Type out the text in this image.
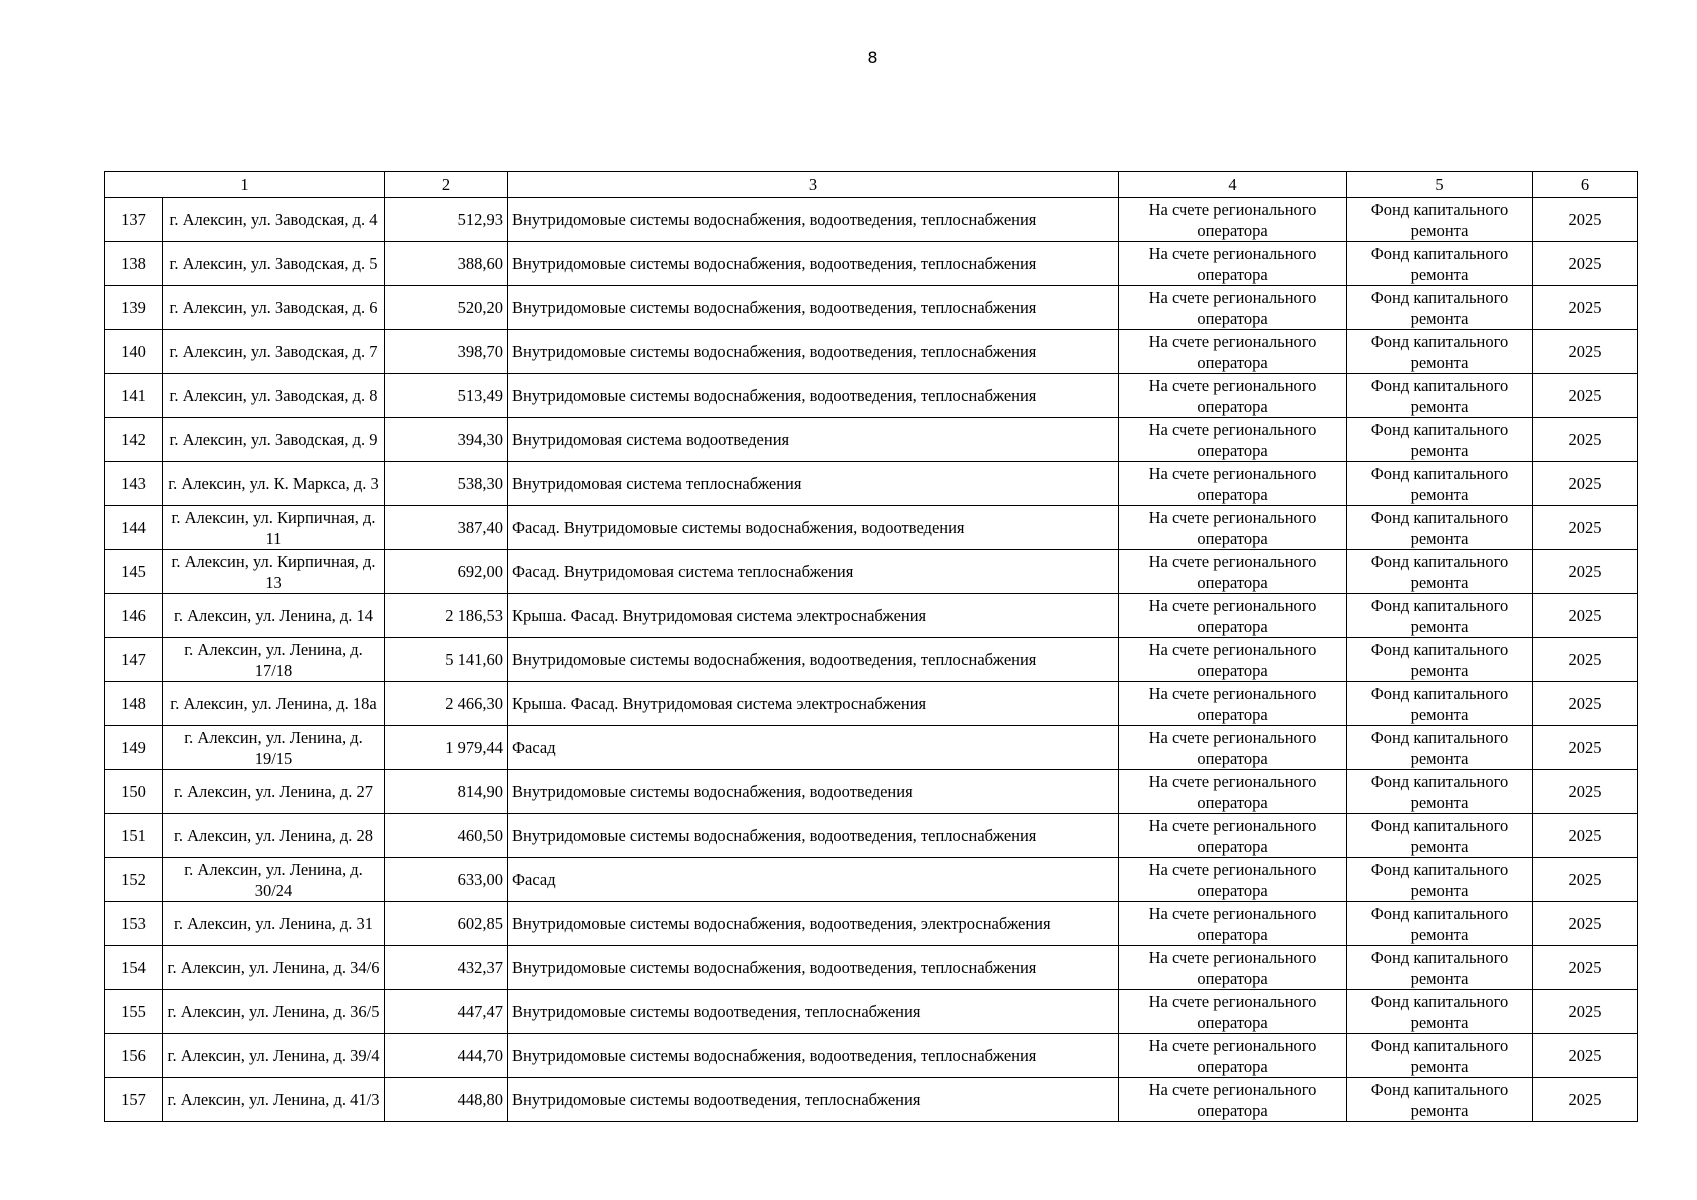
8
1		2	3	4	5	6
137	г. Алексин, ул. Заводская, д. 4	512,93	Внутридомовые системы водоснабжения, водоотведения, теплоснабжения	На счете регионального оператора	Фонд капитального ремонта	2025
138	г. Алексин, ул. Заводская, д. 5	388,60	Внутридомовые системы водоснабжения, водоотведения, теплоснабжения	На счете регионального оператора	Фонд капитального ремонта	2025
139	г. Алексин, ул. Заводская, д. 6	520,20	Внутридомовые системы водоснабжения, водоотведения, теплоснабжения	На счете регионального оператора	Фонд капитального ремонта	2025
140	г. Алексин, ул. Заводская, д. 7	398,70	Внутридомовые системы водоснабжения, водоотведения, теплоснабжения	На счете регионального оператора	Фонд капитального ремонта	2025
141	г. Алексин, ул. Заводская, д. 8	513,49	Внутридомовые системы водоснабжения, водоотведения, теплоснабжения	На счете регионального оператора	Фонд капитального ремонта	2025
142	г. Алексин, ул. Заводская, д. 9	394,30	Внутридомовая система водоотведения	На счете регионального оператора	Фонд капитального ремонта	2025
143	г. Алексин, ул. К. Маркса, д. 3	538,30	Внутридомовая система теплоснабжения	На счете регионального оператора	Фонд капитального ремонта	2025
144	г. Алексин, ул. Кирпичная, д. 11	387,40	Фасад. Внутридомовые системы водоснабжения, водоотведения	На счете регионального оператора	Фонд капитального ремонта	2025
145	г. Алексин, ул. Кирпичная, д. 13	692,00	Фасад. Внутридомовая система теплоснабжения	На счете регионального оператора	Фонд капитального ремонта	2025
146	г. Алексин, ул. Ленина, д. 14	2 186,53	Крыша. Фасад. Внутридомовая система электроснабжения	На счете регионального оператора	Фонд капитального ремонта	2025
147	г. Алексин, ул. Ленина, д. 17/18	5 141,60	Внутридомовые системы водоснабжения, водоотведения, теплоснабжения	На счете регионального оператора	Фонд капитального ремонта	2025
148	г. Алексин, ул. Ленина, д. 18а	2 466,30	Крыша. Фасад. Внутридомовая система электроснабжения	На счете регионального оператора	Фонд капитального ремонта	2025
149	г. Алексин, ул. Ленина, д. 19/15	1 979,44	Фасад	На счете регионального оператора	Фонд капитального ремонта	2025
150	г. Алексин, ул. Ленина, д. 27	814,90	Внутридомовые системы водоснабжения, водоотведения	На счете регионального оператора	Фонд капитального ремонта	2025
151	г. Алексин, ул. Ленина, д. 28	460,50	Внутридомовые системы водоснабжения, водоотведения, теплоснабжения	На счете регионального оператора	Фонд капитального ремонта	2025
152	г. Алексин, ул. Ленина, д. 30/24	633,00	Фасад	На счете регионального оператора	Фонд капитального ремонта	2025
153	г. Алексин, ул. Ленина, д. 31	602,85	Внутридомовые системы водоснабжения, водоотведения, электроснабжения	На счете регионального оператора	Фонд капитального ремонта	2025
154	г. Алексин, ул. Ленина, д. 34/6	432,37	Внутридомовые системы водоснабжения, водоотведения, теплоснабжения	На счете регионального оператора	Фонд капитального ремонта	2025
155	г. Алексин, ул. Ленина, д. 36/5	447,47	Внутридомовые системы водоотведения, теплоснабжения	На счете регионального оператора	Фонд капитального ремонта	2025
156	г. Алексин, ул. Ленина, д. 39/4	444,70	Внутридомовые системы водоснабжения, водоотведения, теплоснабжения	На счете регионального оператора	Фонд капитального ремонта	2025
157	г. Алексин, ул. Ленина, д. 41/3	448,80	Внутридомовые системы водоотведения, теплоснабжения	На счете регионального оператора	Фонд капитального ремонта	2025
